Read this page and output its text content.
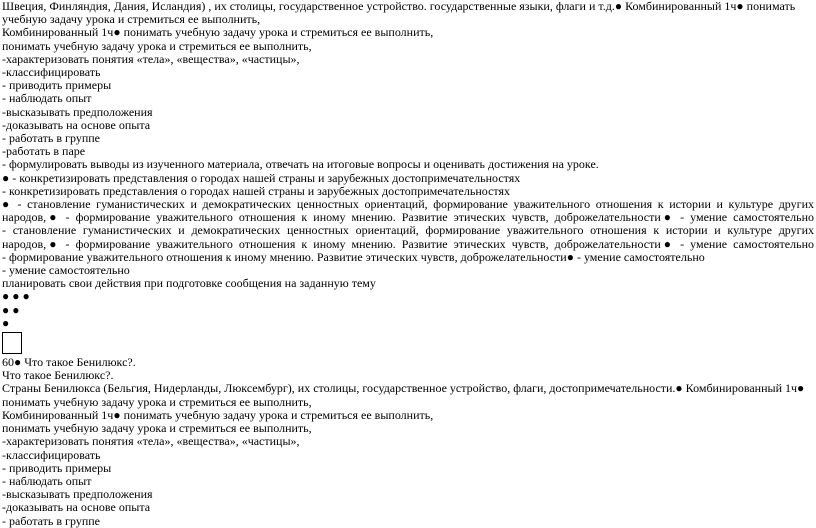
Швеция, Финляндия, Дания, Исландия) , их столицы, государственное устройство. государственные языки, флаги и т.д.● Комбинированный 1ч● понимать учебную задачу урока и стремиться ее выполнить,
Комбинированный 1ч● понимать учебную задачу урока и стремиться ее выполнить,
понимать учебную задачу урока и стремиться ее выполнить,
-характеризовать понятия «тела», «вещества», «частицы»,
-классифицировать
- приводить примеры
- наблюдать опыт
-высказывать предположения
-доказывать на основе опыта
- работать в группе
-работать в паре
- формулировать выводы из изученного материала, отвечать на итоговые вопросы и оценивать достижения на уроке.
● - конкретизировать представления о городах нашей страны и зарубежных достопримечательностях
- конкретизировать представления о городах нашей страны и зарубежных достопримечательностях
● - становление гуманистических и демократических ценностных ориентаций, формирование уважительного отношения к истории и культуре других народов,● - формирование уважительного отношения к иному мнению. Развитие этических чувств, доброжелательности● - умение самостоятельно
- становление гуманистических и демократических ценностных ориентаций, формирование уважительного отношения к истории и культуре других народов,● - формирование уважительного отношения к иному мнению. Развитие этических чувств, доброжелательности● - умение самостоятельно
- формирование уважительного отношения к иному мнению. Развитие этических чувств, доброжелательности● - умение самостоятельно
- умение самостоятельно
планировать свои действия при подготовке сообщения на заданную тему
● ● ●
● ●
●
60● Что такое Бенилюкс?.
Что такое Бенилюкс?.
Страны Бенилюкса (Бельгия, Нидерланды, Люксембург), их столицы, государственное устройство, флаги, достопримечательности.● Комбинированный 1ч● понимать учебную задачу урока и стремиться ее выполнить,
Комбинированный 1ч● понимать учебную задачу урока и стремиться ее выполнить,
понимать учебную задачу урока и стремиться ее выполнить,
-характеризовать понятия «тела», «вещества», «частицы»,
-классифицировать
- приводить примеры
- наблюдать опыт
-высказывать предположения
-доказывать на основе опыта
- работать в группе
